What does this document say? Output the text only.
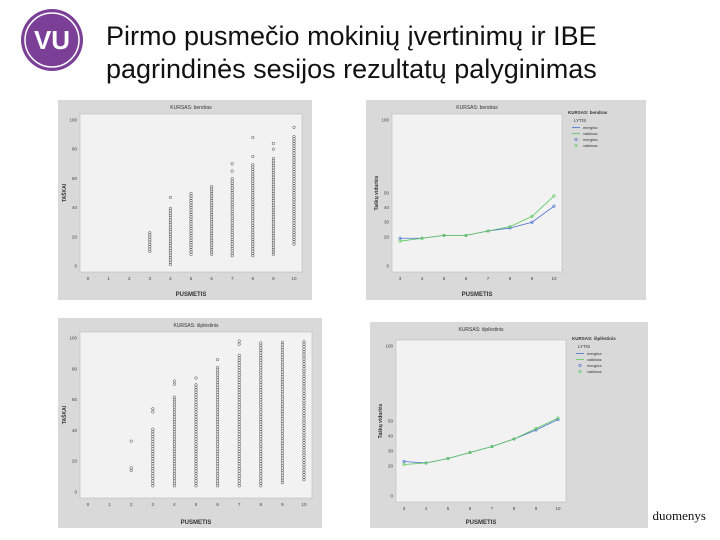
VU Pirmo pusmečio mokinių įvertinimų ir IBE
pagrindinės sesijos rezultatų palyginimas
KURSAS: bendras
PUSMETIS
TAŠKAI
0	1	2	3	4	5	6	7	8	9	10
0
20
40
60
80
100
KURSAS: bendras
PUSMETIS
Taškų vidurkis
3	4	5	6	7	8	9	10
0
20
30
40
50
100
KURSAS: bendras
LYTIS
mergina
vaikinas
mergina
vaikinas
KURSAS: išplėstinis
PUSMETIS
TAŠKAI
0	1	2	3	4	5	6	7	8	9	10
0
20
40
60
80
100
KURSAS: išplėstinis
PUSMETIS
Taškų vidurkis
3	4	5	6	7	8	9	10
0
20
30
40
50
100
KURSAS: išplėstinis
LYTIS
mergina
vaikinas
mergina
vaikinas
duomenys
